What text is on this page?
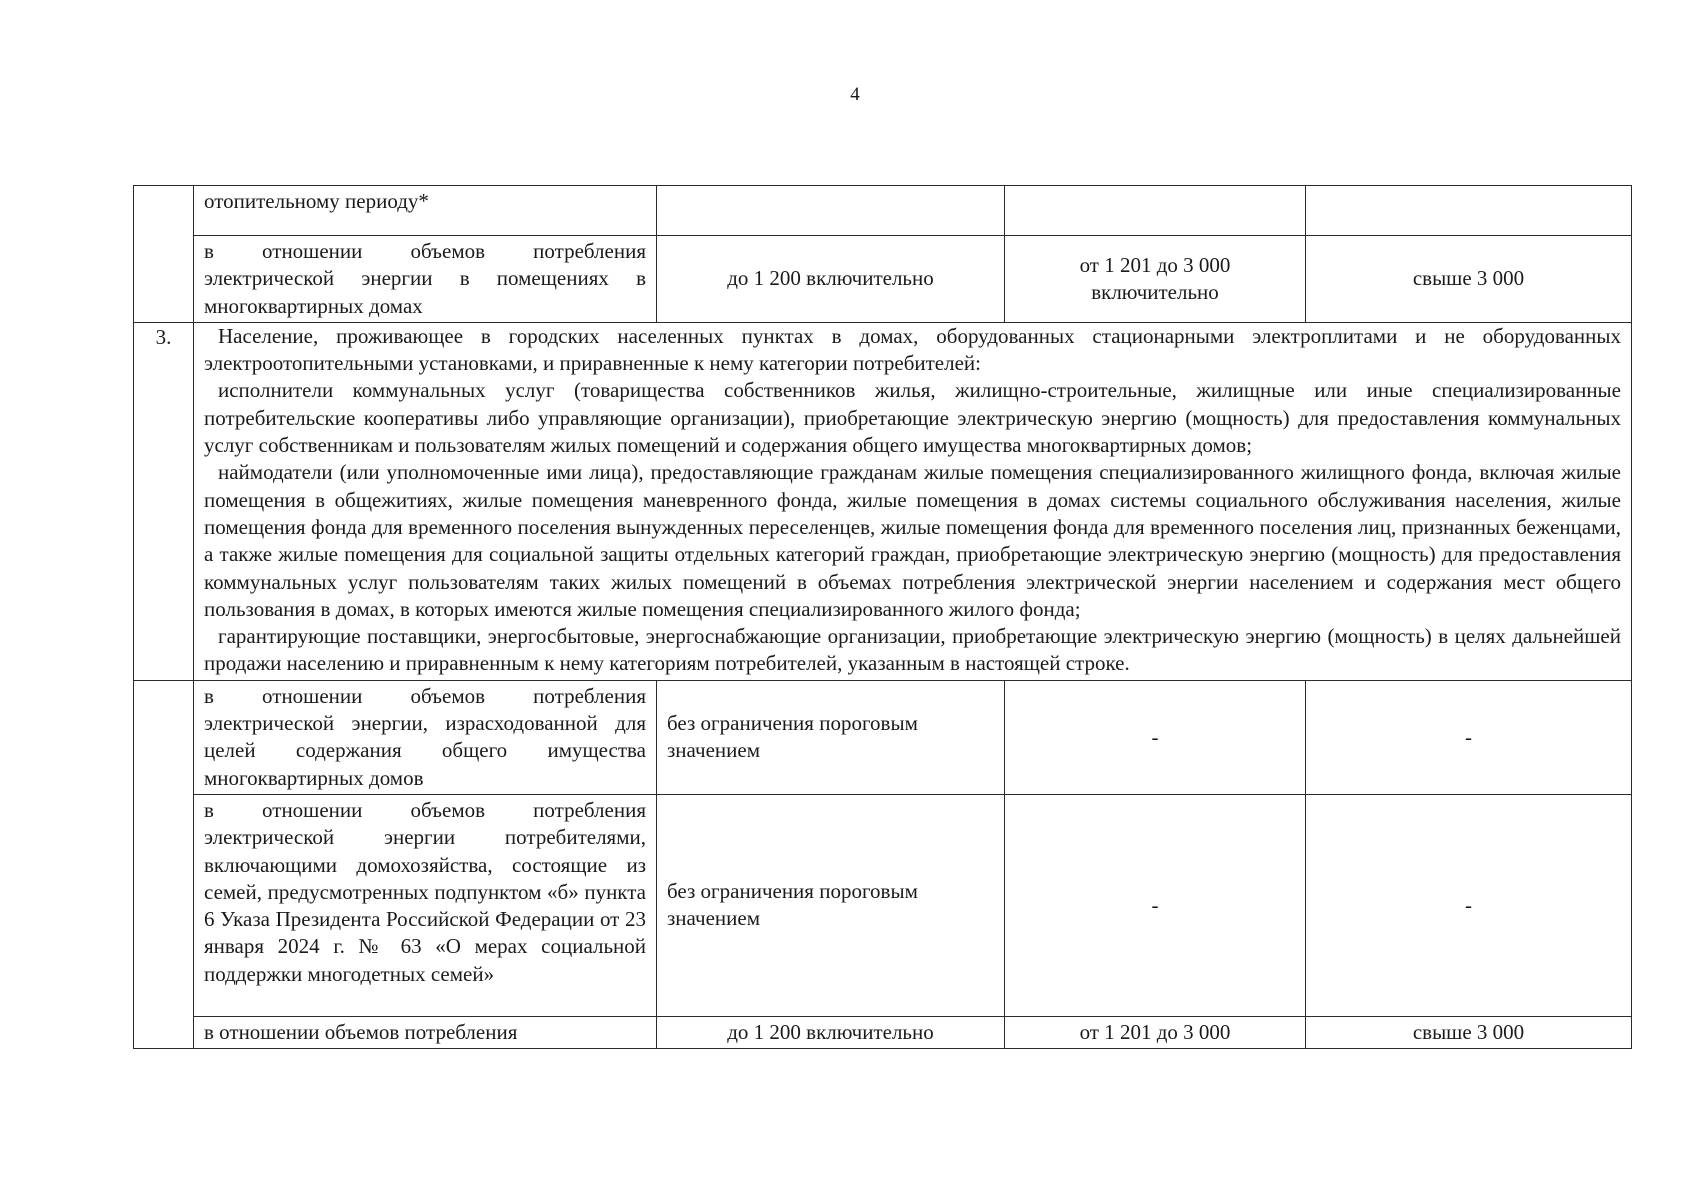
4
	отопительному периоду*			
	в отношении объемов потребления электрической энергии в помещениях в многоквартирных домах	до 1 200 включительно	от 1 201 до 3 000 включительно	свыше 3 000
3.	Население, проживающее в городских населенных пунктах в домах, оборудованных стационарными электроплитами и не оборудованных электроотопительными установками, и приравненные к нему категории потребителей:

исполнители коммунальных услуг (товарищества собственников жилья, жилищно-строительные, жилищные или иные специализированные потребительские кооперативы либо управляющие организации), приобретающие электрическую энергию (мощность) для предоставления коммунальных услуг собственникам и пользователям жилых помещений и содержания общего имущества многоквартирных домов;

наймодатели (или уполномоченные ими лица), предоставляющие гражданам жилые помещения специализированного жилищного фонда, включая жилые помещения в общежитиях, жилые помещения маневренного фонда, жилые помещения в домах системы социального обслуживания населения, жилые помещения фонда для временного поселения вынужденных переселенцев, жилые помещения фонда для временного поселения лиц, признанных беженцами, а также жилые помещения для социальной защиты отдельных категорий граждан, приобретающие электрическую энергию (мощность) для предоставления коммунальных услуг пользователям таких жилых помещений в объемах потребления электрической энергии населением и содержания мест общего пользования в домах, в которых имеются жилые помещения специализированного жилого фонда;

гарантирующие поставщики, энергосбытовые, энергоснабжающие организации, приобретающие электрическую энергию (мощность) в целях дальнейшей продажи населению и приравненным к нему категориям потребителей, указанным в настоящей строке.			

	в отношении объемов потребления электрической энергии, израсходованной для целей содержания общего имущества многоквартирных домов	без ограничения пороговым значением	-	-
	в отношении объемов потребления электрической энергии потребителями, включающими домохозяйства, состоящие из семей, предусмотренных подпунктом «б» пункта 6 Указа Президента Российской Федерации от 23 января 2024 г. № 63 «О мерах социальной поддержки многодетных семей»	без ограничения пороговым значением	-	-
	в отношении объемов потребления	до 1 200 включительно	от 1 201 до 3 000	свыше 3 000
